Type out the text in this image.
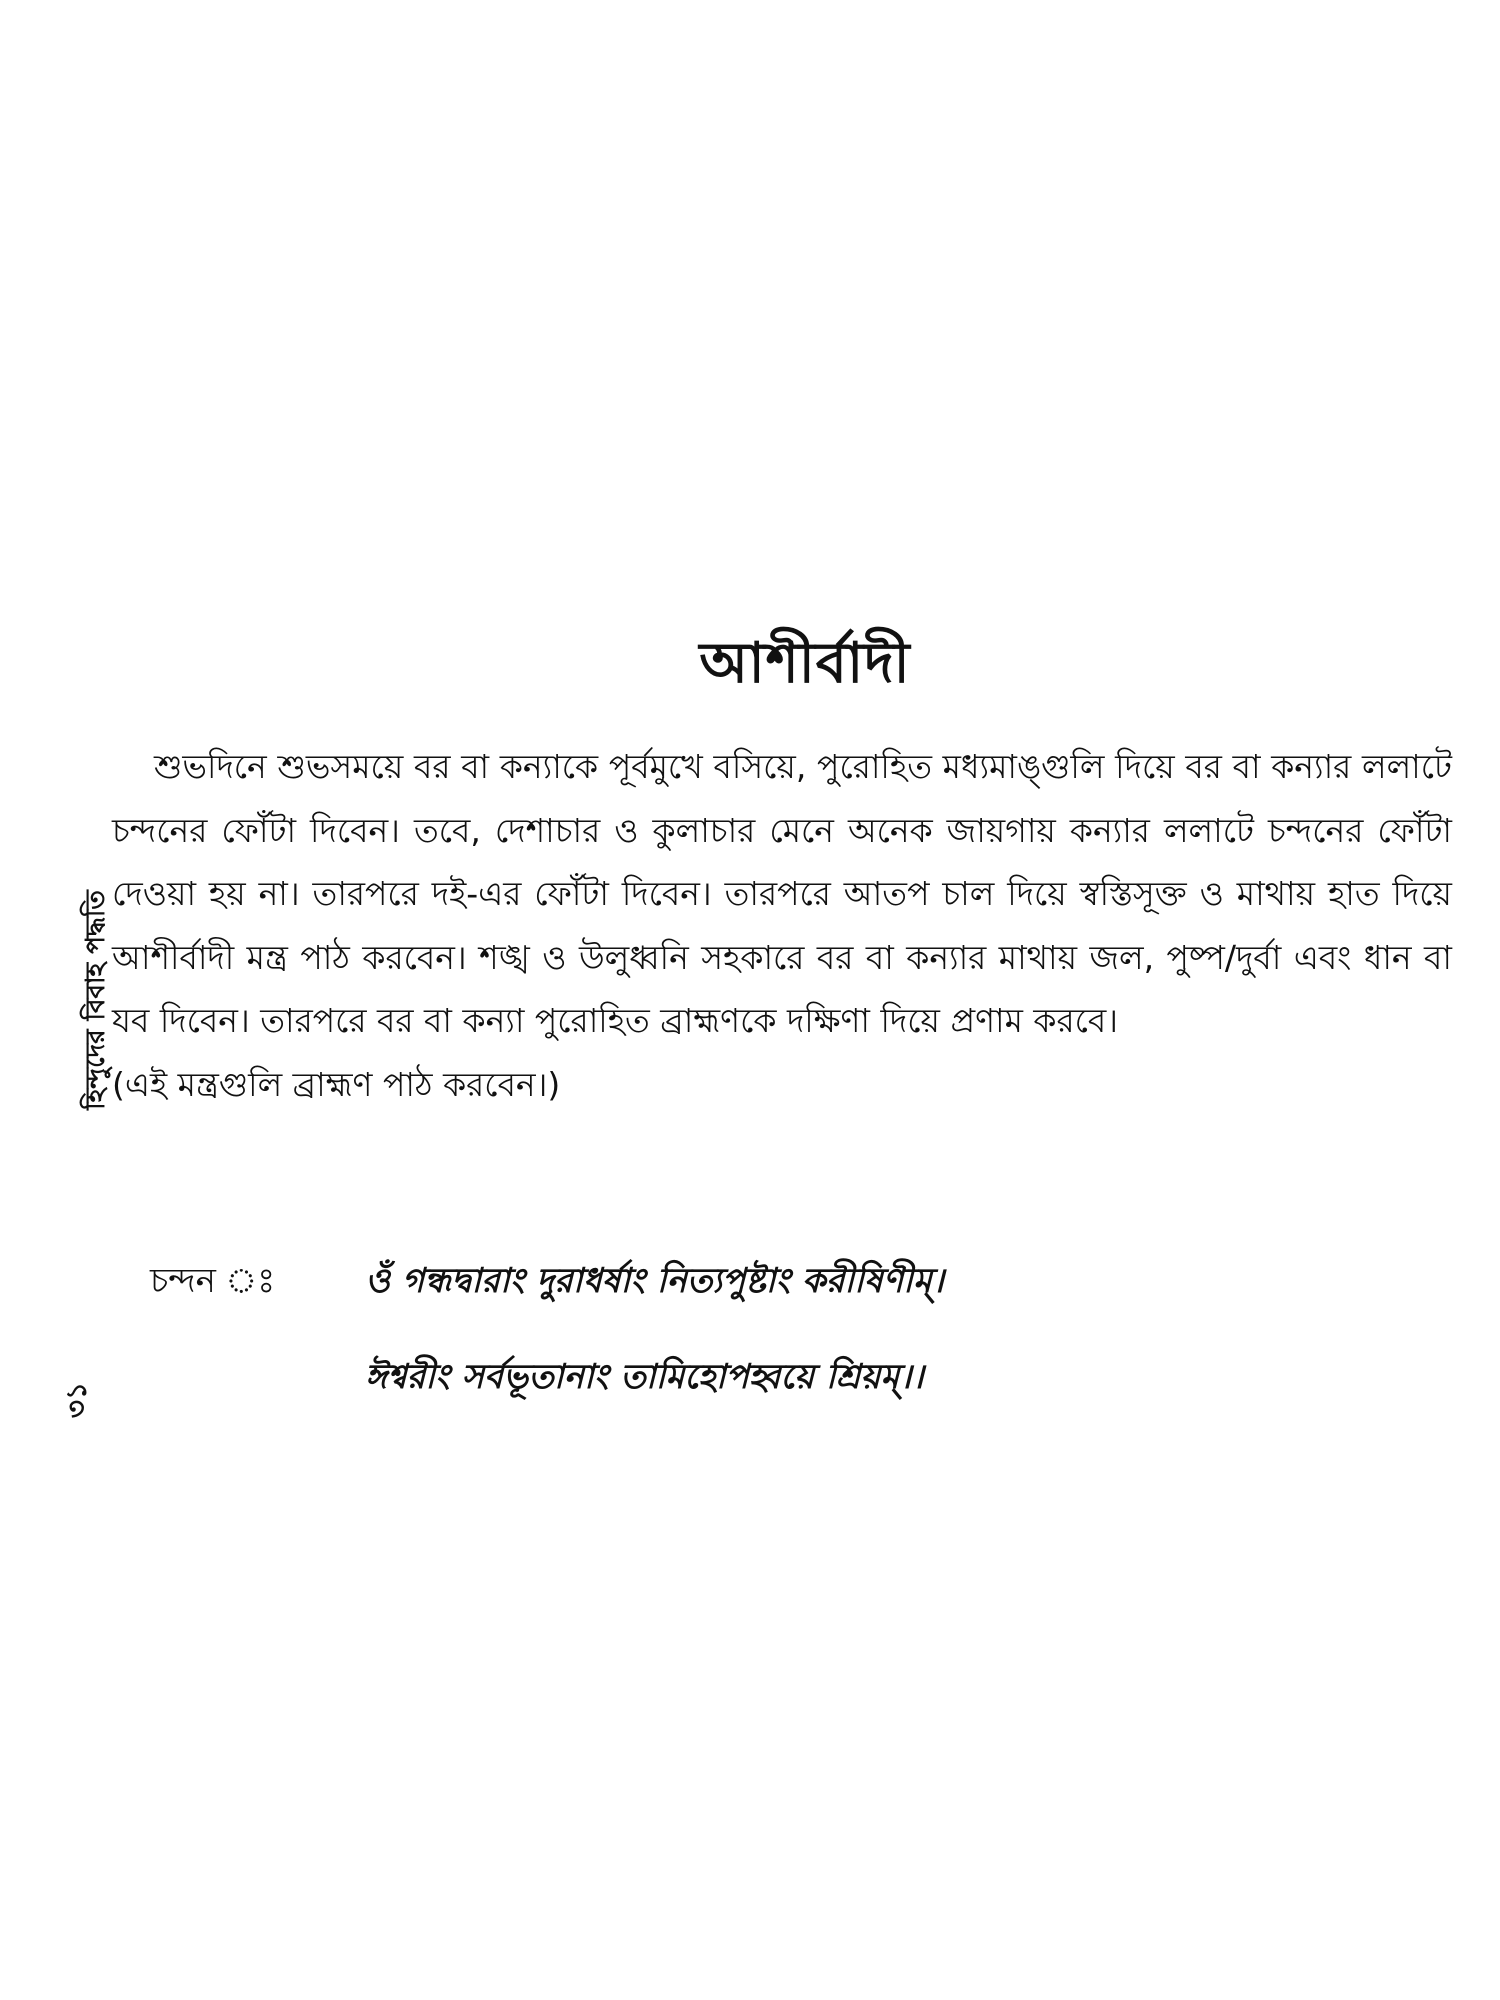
আশীর্বাদী

শুভদিনে শুভসময়ে বর বা কন্যাকে পূর্বমুখে বসিয়ে, পুরোহিত মধ্যমাঙ্গুলি দিয়ে বর বা কন্যার ললাটে চন্দনের ফোঁটা দিবেন। তবে, দেশাচার ও কুলাচার মেনে অনেক জায়গায় কন্যার ললাটে চন্দনের ফোঁটা দেওয়া হয় না। তারপরে দই-এর ফোঁটা দিবেন। তারপরে আতপ চাল দিয়ে স্বস্তিসূক্ত ও মাথায় হাত দিয়ে আশীর্বাদী মন্ত্র পাঠ করবেন। শঙ্খ ও উলুধ্বনি সহকারে বর বা কন্যার মাথায় জল, পুষ্প/দুর্বা এবং ধান বা যব দিবেন। তারপরে বর বা কন্যা পুরোহিত ব্রাহ্মণকে দক্ষিণা দিয়ে প্রণাম করবে।

(এই মন্ত্রগুলি ব্রাহ্মণ পাঠ করবেন।)

চন্দন ঃ	ওঁ গন্ধদ্বারাং দুরাধর্ষাং নিত্যপুষ্টাং করীষিণীম্।
ঈশ্বরীং সর্বভূতানাং তামিহোপহ্বয়ে শ্রিয়ম্।।
হিন্দুদের বিবাহ পদ্ধতি
৩১
